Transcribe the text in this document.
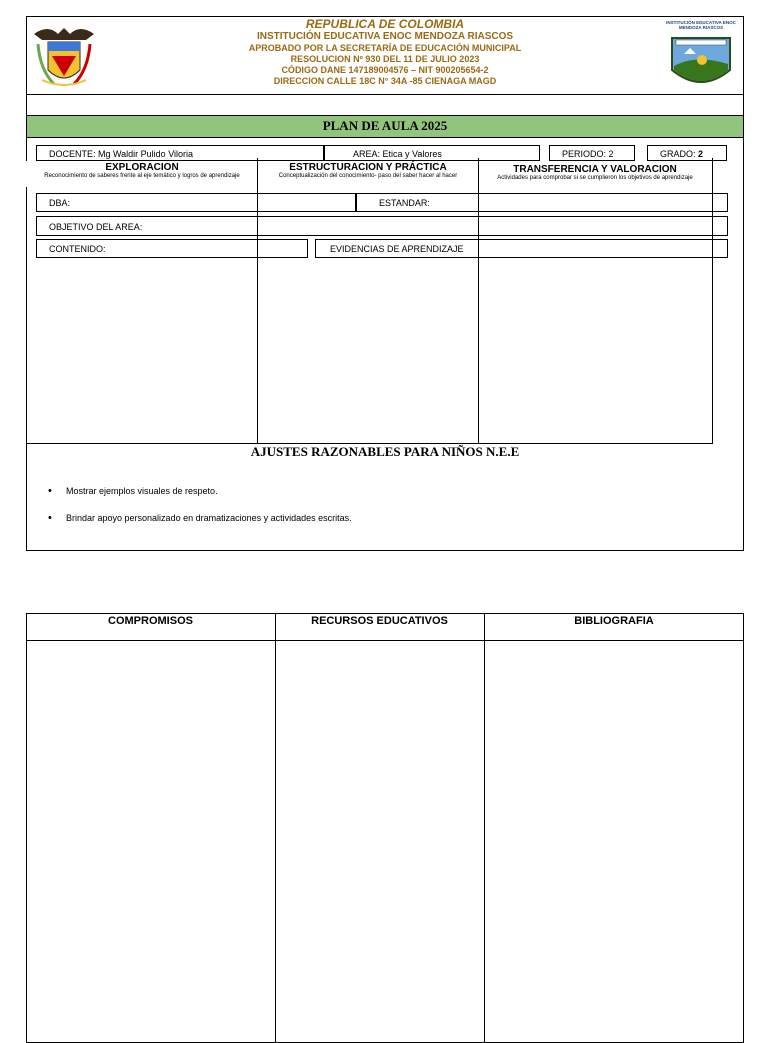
REPUBLICA DE COLOMBIA
INSTITUCIÓN EDUCATIVA ENOC MENDOZA RIASCOS
APROBADO POR LA SECRETARÍA DE EDUCACIÓN MUNICIPAL
RESOLUCION Nº 930 DEL 11 DE JULIO 2023
CÓDIGO DANE 147189004576 – NIT 900205654-2
DIRECCION CALLE 18C N° 34A -85 CIENAGA MAGD
INSTITUCIÓN EDUCATIVA ENOC MENDOZA RIASCOS
PLAN DE AULA 2025
DOCENTE: Mg Waldir Pulido Viloria	AREA: Etica y Valores	PERIODO: 2	GRADO: 2
EXPLORACION
Reconocimiento de saberes frente al eje temático y logros de aprendizaje
ESTRUCTURACION Y PRÁCTICA
Conceptualización del conocimiento- paso del saber hacer al hacer
TRANSFERENCIA Y VALORACION
Actividades para comprobar si se cumplieron los objetivos de aprendizaje
DBA:	ESTANDAR:
OBJETIVO DEL AREA:
CONTENIDO:	EVIDENCIAS DE APRENDIZAJE
AJUSTES RAZONABLES PARA NIÑOS N.E.E
• Mostrar ejemplos visuales de respeto.
• Brindar apoyo personalizado en dramatizaciones y actividades escritas.
COMPROMISOS	RECURSOS EDUCATIVOS	BIBLIOGRAFIA
